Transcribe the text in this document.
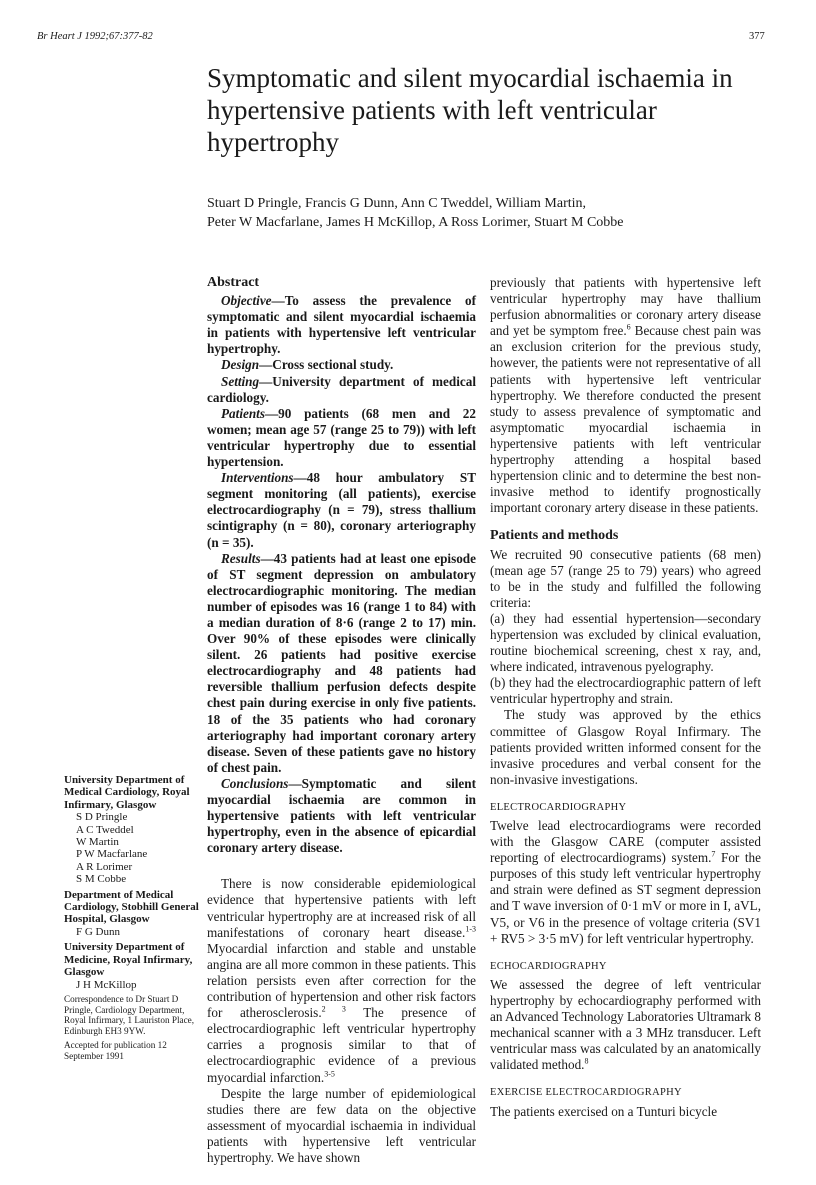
Br Heart J 1992;67:377-82	377
Symptomatic and silent myocardial ischaemia in hypertensive patients with left ventricular hypertrophy
Stuart D Pringle, Francis G Dunn, Ann C Tweddel, William Martin,
Peter W Macfarlane, James H McKillop, A Ross Lorimer, Stuart M Cobbe
Abstract

Objective—To assess the prevalence of symptomatic and silent myocardial ischaemia in patients with hypertensive left ventricular hypertrophy.

Design—Cross sectional study.

Setting—University department of medical cardiology.

Patients—90 patients (68 men and 22 women; mean age 57 (range 25 to 79)) with left ventricular hypertrophy due to essential hypertension.

Interventions—48 hour ambulatory ST segment monitoring (all patients), exercise electrocardiography (n = 79), stress thallium scintigraphy (n = 80), coronary arteriography (n = 35).

Results—43 patients had at least one episode of ST segment depression on ambulatory electrocardiographic monitoring. The median number of episodes was 16 (range 1 to 84) with a median duration of 8·6 (range 2 to 17) min. Over 90% of these episodes were clinically silent. 26 patients had positive exercise electrocardiography and 48 patients had reversible thallium perfusion defects despite chest pain during exercise in only five patients. 18 of the 35 patients who had coronary arteriography had important coronary artery disease. Seven of these patients gave no history of chest pain.

Conclusions—Symptomatic and silent myocardial ischaemia are common in hypertensive patients with left ventricular hypertrophy, even in the absence of epicardial coronary artery disease.

There is now considerable epidemiological evidence that hypertensive patients with left ventricular hypertrophy are at increased risk of all manifestations of coronary heart disease.$^{1-3}$ Myocardial infarction and stable and unstable angina are all more common in these patients. This relation persists even after correction for the contribution of hypertension and other risk factors for atherosclerosis.$^{2 3}$ The presence of electrocardiographic left ventricular hypertrophy carries a prognosis similar to that of electrocardiographic evidence of a previous myocardial infarction.$^{3-5}$

Despite the large number of epidemiological studies there are few data on the objective assessment of myocardial ischaemia in individual patients with hypertensive left ventricular hypertrophy. We have shown

previously that patients with hypertensive left ventricular hypertrophy may have thallium perfusion abnormalities or coronary artery disease and yet be symptom free.$^6$ Because chest pain was an exclusion criterion for the previous study, however, the patients were not representative of all patients with hypertensive left ventricular hypertrophy. We therefore conducted the present study to assess prevalence of symptomatic and asymptomatic myocardial ischaemia in hypertensive patients with left ventricular hypertrophy attending a hospital based hypertension clinic and to determine the best non-invasive method to identify prognostically important coronary artery disease in these patients.

Patients and methods

We recruited 90 consecutive patients (68 men) (mean age 57 (range 25 to 79) years) who agreed to be in the study and fulfilled the following criteria:

(a) they had essential hypertension—secondary hypertension was excluded by clinical evaluation, routine biochemical screening, chest x ray, and, where indicated, intravenous pyelography.

(b) they had the electrocardiographic pattern of left ventricular hypertrophy and strain.

The study was approved by the ethics committee of Glasgow Royal Infirmary. The patients provided written informed consent for the invasive procedures and verbal consent for the non-invasive investigations.

ELECTROCARDIOGRAPHY

Twelve lead electrocardiograms were recorded with the Glasgow CARE (computer assisted reporting of electrocardiograms) system.$^7$ For the purposes of this study left ventricular hypertrophy and strain were defined as ST segment depression and T wave inversion of 0·1 mV or more in I, aVL, V5, or V6 in the presence of voltage criteria (SV1 + RV5 > 3·5 mV) for left ventricular hypertrophy.

ECHOCARDIOGRAPHY

We assessed the degree of left ventricular hypertrophy by echocardiography performed with an Advanced Technology Laboratories Ultramark 8 mechanical scanner with a 3 MHz transducer. Left ventricular mass was calculated by an anatomically validated method.$^8$

EXERCISE ELECTROCARDIOGRAPHY

The patients exercised on a Tunturi bicycle

University Department of Medical Cardiology, Royal Infirmary, Glasgow
S D Pringle
A C Tweddel
W Martin
P W Macfarlane
A R Lorimer
S M Cobbe
Department of Medical Cardiology, Stobhill General Hospital, Glasgow
F G Dunn
University Department of Medicine, Royal Infirmary, Glasgow
J H McKillop
Correspondence to Dr Stuart D Pringle, Cardiology Department, Royal Infirmary, 1 Lauriston Place, Edinburgh EH3 9YW.
Accepted for publication 12 September 1991
